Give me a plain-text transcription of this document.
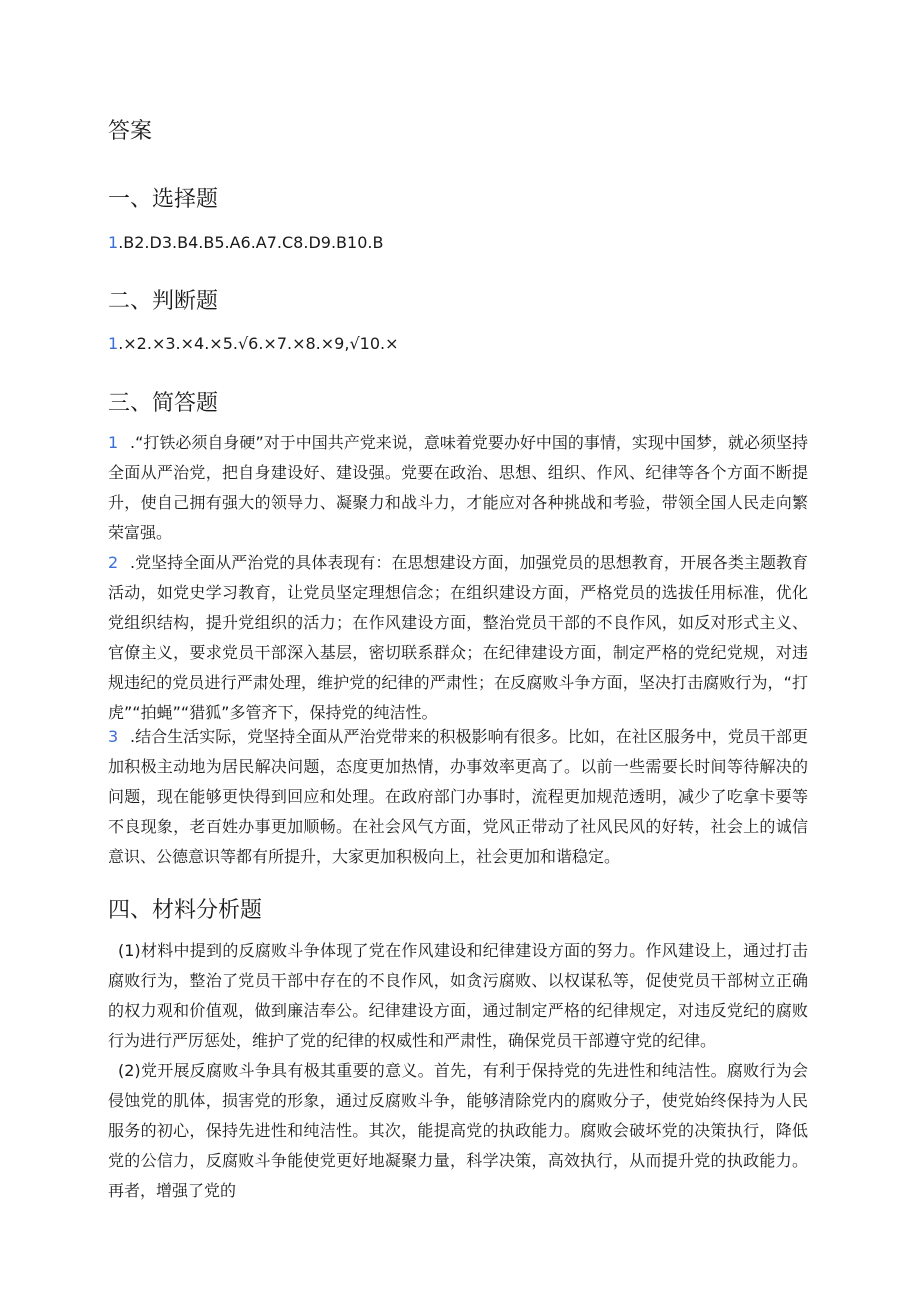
答案
一、选择题

1.B2.D3.B4.B5.A6.A7.C8.D9.B10.B

二、判断题

1.×2.×3.×4.×5.√6.×7.×8.×9,√10.×

三、简答题

1 .“打铁必须自身硬”对于中国共产党来说，意味着党要办好中国的事情，实现中国梦，就必须坚持全面从严治党，把自身建设好、建设强。党要在政治、思想、组织、作风、纪律等各个方面不断提升，使自己拥有强大的领导力、凝聚力和战斗力，才能应对各种挑战和考验，带领全国人民走向繁荣富强。

2 .党坚持全面从严治党的具体表现有：在思想建设方面，加强党员的思想教育，开展各类主题教育活动，如党史学习教育，让党员坚定理想信念；在组织建设方面，严格党员的选拔任用标准，优化党组织结构，提升党组织的活力；在作风建设方面，整治党员干部的不良作风，如反对形式主义、官僚主义，要求党员干部深入基层，密切联系群众；在纪律建设方面，制定严格的党纪党规，对违规违纪的党员进行严肃处理，维护党的纪律的严肃性；在反腐败斗争方面，坚决打击腐败行为，“打虎”“拍蝇”“猎狐”多管齐下，保持党的纯洁性。

3 .结合生活实际，党坚持全面从严治党带来的积极影响有很多。比如，在社区服务中，党员干部更加积极主动地为居民解决问题，态度更加热情，办事效率更高了。以前一些需要长时间等待解决的问题，现在能够更快得到回应和处理。在政府部门办事时，流程更加规范透明，减少了吃拿卡要等不良现象，老百姓办事更加顺畅。在社会风气方面，党风正带动了社风民风的好转，社会上的诚信意识、公德意识等都有所提升，大家更加积极向上，社会更加和谐稳定。

四、材料分析题

(1)材料中提到的反腐败斗争体现了党在作风建设和纪律建设方面的努力。作风建设上，通过打击腐败行为，整治了党员干部中存在的不良作风，如贪污腐败、以权谋私等，促使党员干部树立正确的权力观和价值观，做到廉洁奉公。纪律建设方面，通过制定严格的纪律规定，对违反党纪的腐败行为进行严厉惩处，维护了党的纪律的权威性和严肃性，确保党员干部遵守党的纪律。

(2)党开展反腐败斗争具有极其重要的意义。首先，有利于保持党的先进性和纯洁性。腐败行为会侵蚀党的肌体，损害党的形象，通过反腐败斗争，能够清除党内的腐败分子，使党始终保持为人民服务的初心，保持先进性和纯洁性。其次，能提高党的执政能力。腐败会破坏党的决策执行，降低党的公信力，反腐败斗争能使党更好地凝聚力量，科学决策，高效执行，从而提升党的执政能力。再者，增强了党的
